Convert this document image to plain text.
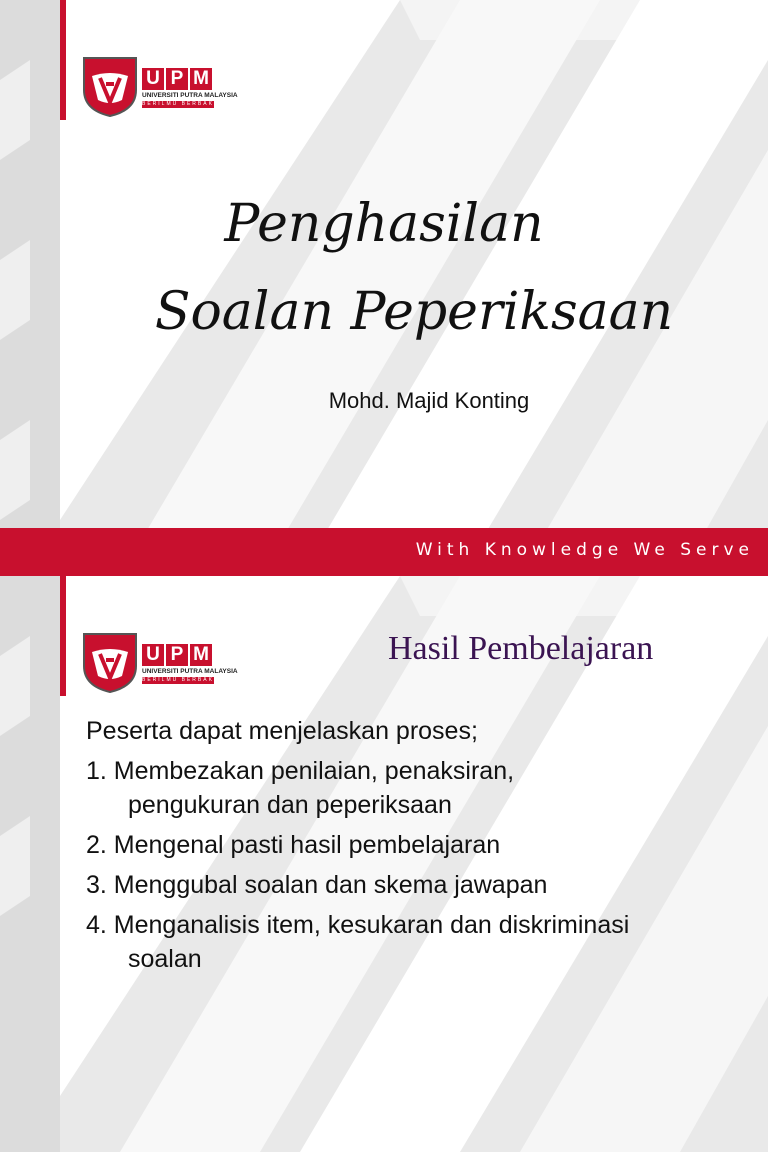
U P M
UNIVERSITI PUTRA MALAYSIA
BERILMU BERBAKTI
Penghasilan
Soalan Peperiksaan
Mohd. Majid Konting
With Knowledge We Serve
U P M
UNIVERSITI PUTRA MALAYSIA
BERILMU BERBAKTI
Hasil Pembelajaran
Peserta dapat menjelaskan proses;
1. Membezakan penilaian, penaksiran,
pengukuran dan peperiksaan
2. Mengenal pasti hasil pembelajaran
3. Menggubal soalan dan skema jawapan
4. Menganalisis item, kesukaran dan diskriminasi
soalan
